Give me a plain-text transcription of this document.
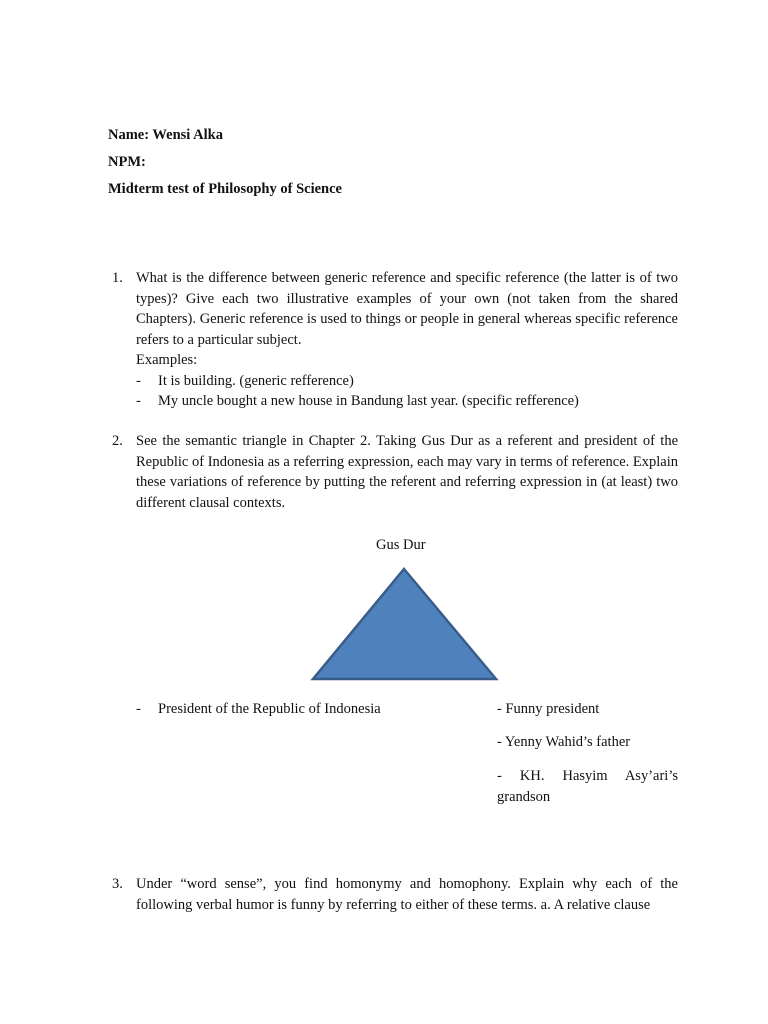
Name: Wensi Alka
NPM:
Midterm test of Philosophy of Science
1. What is the difference between generic reference and specific reference (the latter is of two types)? Give each two illustrative examples of your own (not taken from the shared Chapters). Generic reference is used to things or people in general whereas specific reference refers to a particular subject.
Examples:
-	It is building. (generic refference)
-	My uncle bought a new house in Bandung last year. (specific refference)
2. See the semantic triangle in Chapter 2. Taking Gus Dur as a referent and president of the Republic of Indonesia as a referring expression, each may vary in terms of reference. Explain these variations of reference by putting the referent and referring expression in (at least) two different clausal contexts.
Gus Dur
- President of the Republic of Indonesia	- Funny president
- Yenny Wahid’s father
- KH. Hasyim Asy’ari’s grandson
3. Under “word sense”, you find homonymy and homophony. Explain why each of the following verbal humor is funny by referring to either of these terms. a. A relative clause
